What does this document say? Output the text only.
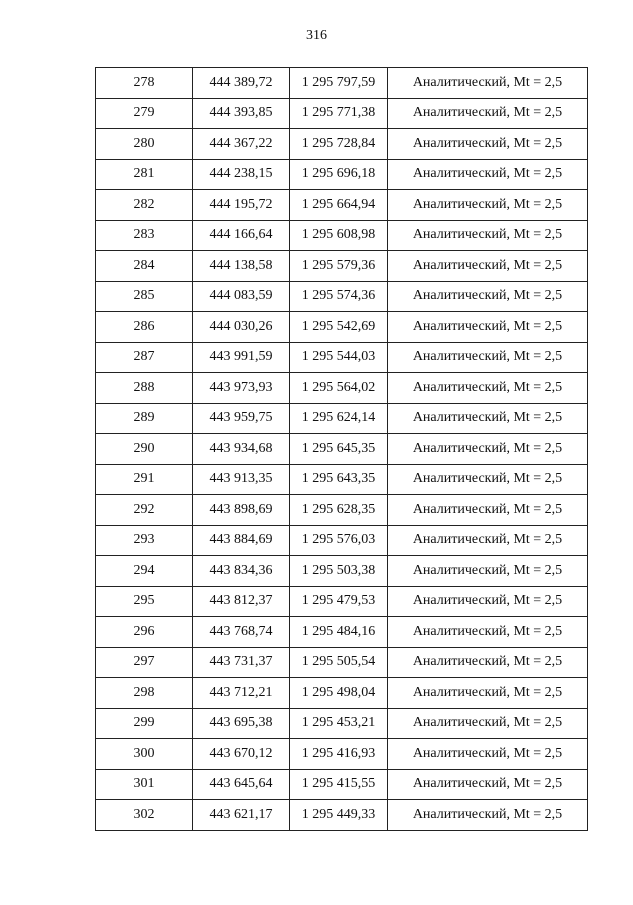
316
278	444 389,72	1 295 797,59	Аналитический, Mt = 2,5
279	444 393,85	1 295 771,38	Аналитический, Mt = 2,5
280	444 367,22	1 295 728,84	Аналитический, Mt = 2,5
281	444 238,15	1 295 696,18	Аналитический, Mt = 2,5
282	444 195,72	1 295 664,94	Аналитический, Mt = 2,5
283	444 166,64	1 295 608,98	Аналитический, Mt = 2,5
284	444 138,58	1 295 579,36	Аналитический, Mt = 2,5
285	444 083,59	1 295 574,36	Аналитический, Mt = 2,5
286	444 030,26	1 295 542,69	Аналитический, Mt = 2,5
287	443 991,59	1 295 544,03	Аналитический, Mt = 2,5
288	443 973,93	1 295 564,02	Аналитический, Mt = 2,5
289	443 959,75	1 295 624,14	Аналитический, Mt = 2,5
290	443 934,68	1 295 645,35	Аналитический, Mt = 2,5
291	443 913,35	1 295 643,35	Аналитический, Mt = 2,5
292	443 898,69	1 295 628,35	Аналитический, Mt = 2,5
293	443 884,69	1 295 576,03	Аналитический, Mt = 2,5
294	443 834,36	1 295 503,38	Аналитический, Mt = 2,5
295	443 812,37	1 295 479,53	Аналитический, Mt = 2,5
296	443 768,74	1 295 484,16	Аналитический, Mt = 2,5
297	443 731,37	1 295 505,54	Аналитический, Mt = 2,5
298	443 712,21	1 295 498,04	Аналитический, Mt = 2,5
299	443 695,38	1 295 453,21	Аналитический, Mt = 2,5
300	443 670,12	1 295 416,93	Аналитический, Mt = 2,5
301	443 645,64	1 295 415,55	Аналитический, Mt = 2,5
302	443 621,17	1 295 449,33	Аналитический, Mt = 2,5
